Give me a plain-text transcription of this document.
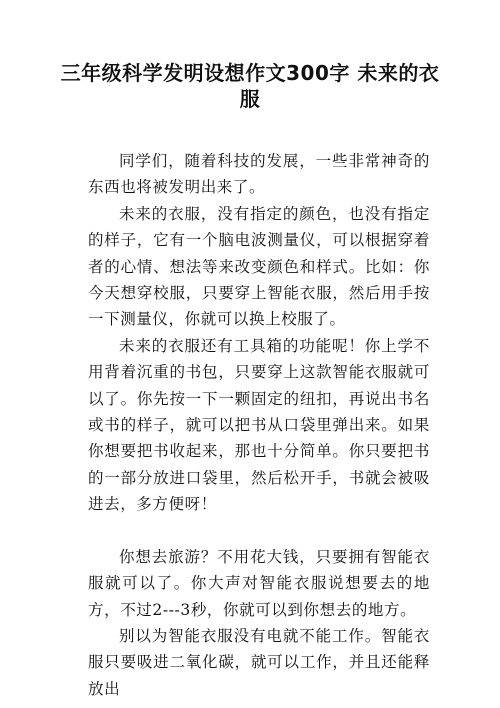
三年级科学发明设想作文300字 未来的衣服

同学们，随着科技的发展，一些非常神奇的东西也将被发明出来了。

未来的衣服，没有指定的颜色，也没有指定的样子，它有一个脑电波测量仪，可以根据穿着者的心情、想法等来改变颜色和样式。比如：你今天想穿校服，只要穿上智能衣服，然后用手按一下测量仪，你就可以换上校服了。

未来的衣服还有工具箱的功能呢！你上学不用背着沉重的书包，只要穿上这款智能衣服就可以了。你先按一下一颗固定的纽扣，再说出书名或书的样子，就可以把书从口袋里弹出来。如果你想要把书收起来，那也十分简单。你只要把书的一部分放进口袋里，然后松开手，书就会被吸进去，多方便呀！

你想去旅游？不用花大钱，只要拥有智能衣服就可以了。你大声对智能衣服说想要去的地方，不过2---3秒，你就可以到你想去的地方。

别以为智能衣服没有电就不能工作。智能衣服只要吸进二氧化碳，就可以工作，并且还能释放出
